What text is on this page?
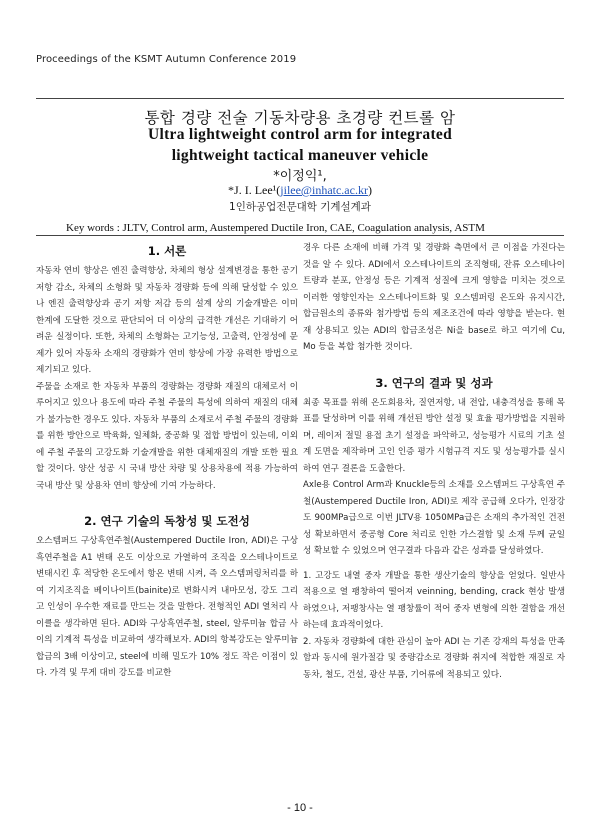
Proceedings of the KSMT Autumn Conference 2019
통합 경량 전술 기동차량용 초경량 컨트롤 암
Ultra lightweight control arm for integrated
lightweight tactical maneuver vehicle
*이정익¹,
*J. I. Lee¹(jilee@inhatc.ac.kr)
1인하공업전문대학 기계설계과
Key words : JLTV, Control arm, Austempered Ductile Iron, CAE, Coagulation analysis, ASTM
1. 서론

자동차 연비 향상은 엔진 출력향상, 차체의 형상 설계변경을 통한 공기 저항 감소, 차체의 소형화 및 자동차 경량화 등에 의해 달성할 수 있으나 엔진 출력향상과 공기 저항 저감 등의 설계 상의 기술개발은 이미 한계에 도달한 것으로 판단되어 더 이상의 급격한 개선은 기대하기 어려운 실정이다. 또한, 차체의 소형화는 고기능성, 고출력, 안정성에 문제가 있어 자동차 소재의 경량화가 연비 향상에 가장 유력한 방법으로 제기되고 있다.

주물을 소재로 한 자동차 부품의 경량화는 경량화 재질의 대체로서 이루어지고 있으나 용도에 따라 주철 주물의 특성에 의하여 재질의 대체가 불가능한 경우도 있다. 자동차 부품의 소재로서 주철 주물의 경량화를 위한 방안으로 박육화, 일체화, 중공화 및 접합 방법이 있는데, 이외에 주철 주물의 고강도화 기술개발을 위한 대체재질의 개발 또한 필요할 것이다. 양산 성공 시 국내 방산 차량 및 상용차용에 적용 가능하여 국내 방산 및 상용차 연비 향상에 기여 가능하다.

2. 연구 기술의 독창성 및 도전성

오스템퍼드 구상흑연주철(Austempered Ductile Iron, ADI)은 구상흑연주철을 A1 변태 온도 이상으로 가열하여 조직을 오스테나이트로 변태시킨 후 적당한 온도에서 항온 변태 시켜, 즉 오스템퍼링처리를 하여 기지조직을 베이나이트(bainite)로 변화시켜 내마모성, 강도 그리고 인성이 우수한 재료를 만드는 것을 말한다. 전형적인 ADI 열처리 사이클을 생각하면 된다. ADI와 구상흑연주철, steel, 알루미늄 합금 사이의 기계적 특성을 비교하여 생각해보자. ADI의 항복강도는 알루미늄 합금의 3배 이상이고, steel에 비해 밀도가 10% 정도 작은 이점이 있다. 가격 및 무게 대비 강도를 비교한

경우 다른 소재에 비해 가격 및 경량화 측면에서 큰 이점을 가진다는 것을 알 수 있다. ADI에서 오스테나이트의 조직형태, 잔류 오스테나이트량과 분포, 안정성 등은 기계적 성질에 크게 영향을 미치는 것으로 이러한 영향인자는 오스테나이트화 및 오스템퍼링 온도와 유지시간, 합금원소의 종류와 첨가방법 등의 제조조건에 따라 영향을 받는다. 현재 상용되고 있는 ADI의 합금조성은 Ni을 base로 하고 여기에 Cu, Mo 등을 복합 첨가한 것이다.

3. 연구의 결과 및 성과

최종 목표를 위해 온도회용차, 질연저항, 내 전압, 내충격성을 통해 목표를 달성하며 이를 위해 개선된 방안 설정 및 효율 평가방법을 지원하며, 레이저 절밀 용접 초기 설정을 파악하고, 성능평가 시료의 기초 설계 도면을 제작하며 고인 인증 평가 시험규격 지도 및 성능평가를 실시하여 연구 결론을 도출한다.

Axle용 Control Arm과 Knuckle등의 소재를 오스템퍼드 구상흑연 주철(Austempered Ductile Iron, ADI)로 제작 공급해 오다가, 인장강도 900MPa급으로 이번 JLTV용 1050MPa급은 소재의 추가적인 건전성 확보하면서 중공형 Core 처리로 인한 가스결함 및 소재 두께 균일성 확보할 수 있었으며 연구결과 다음과 같은 성과를 달성하였다.

1. 고강도 내열 중자 개발을 통한 생산기술의 향상을 얻었다. 일반사 적용으로 열 팽창하여 떨어져 veinning, bending, crack 현상 발생하였으나, 저팽창사는 열 팽창률이 적어 중자 변형에 의한 결함을 개선하는데 효과적이었다.

2. 자동차 경량화에 대한 관심이 높아 ADI 는 기존 강재의 특성을 만족함과 동시에 원가절감 및 중량감소로 경량화 취지에 적합한 재질로 자동차, 철도, 건설, 광산 부품, 기어류에 적용되고 있다.

- 10 -
